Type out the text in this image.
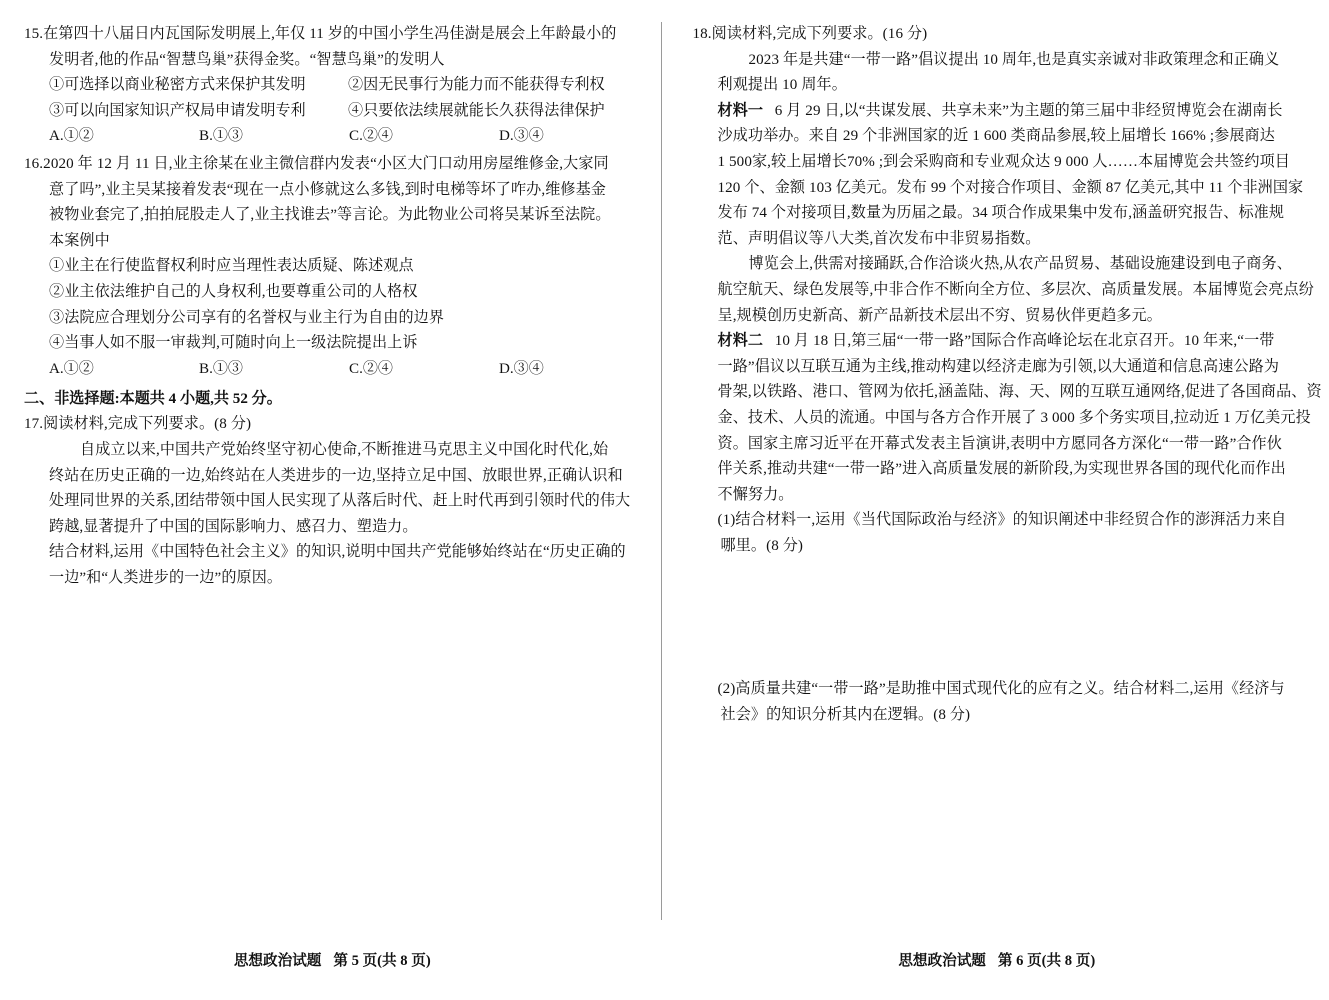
15.在第四十八届日内瓦国际发明展上,年仅 11 岁的中国小学生冯佳澍是展会上年龄最小的
发明者,他的作品“智慧鸟巢”获得金奖。“智慧鸟巢”的发明人
①可选择以商业秘密方式来保护其发明	②因无民事行为能力而不能获得专利权
③可以向国家知识产权局申请发明专利	④只要依法续展就能长久获得法律保护
A.①②	B.①③	C.②④	D.③④
16.2020 年 12 月 11 日,业主徐某在业主微信群内发表“小区大门口动用房屋维修金,大家同
意了吗”,业主吴某接着发表“现在一点小修就这么多钱,到时电梯等坏了咋办,维修基金
被物业套完了,拍拍屁股走人了,业主找谁去”等言论。为此物业公司将吴某诉至法院。
本案例中
①业主在行使监督权利时应当理性表达质疑、陈述观点
②业主依法维护自己的人身权利,也要尊重公司的人格权
③法院应合理划分公司享有的名誉权与业主行为自由的边界
④当事人如不服一审裁判,可随时向上一级法院提出上诉
A.①②	B.①③	C.②④	D.③④
二、非选择题:本题共 4 小题,共 52 分。
17.阅读材料,完成下列要求。(8 分)
自成立以来,中国共产党始终坚守初心使命,不断推进马克思主义中国化时代化,始
终站在历史正确的一边,始终站在人类进步的一边,坚持立足中国、放眼世界,正确认识和
处理同世界的关系,团结带领中国人民实现了从落后时代、赶上时代再到引领时代的伟大
跨越,显著提升了中国的国际影响力、感召力、塑造力。
结合材料,运用《中国特色社会主义》的知识,说明中国共产党能够始终站在“历史正确的
一边”和“人类进步的一边”的原因。
思想政治试题 第 5 页(共 8 页)
18.阅读材料,完成下列要求。(16 分)
2023 年是共建“一带一路”倡议提出 10 周年,也是真实亲诚对非政策理念和正确义
利观提出 10 周年。
材料一 6 月 29 日,以“共谋发展、共享未来”为主题的第三届中非经贸博览会在湖南长
沙成功举办。来自 29 个非洲国家的近 1 600 类商品参展,较上届增长 166% ;参展商达
1 500家,较上届增长70% ;到会采购商和专业观众达 9 000 人……本届博览会共签约项目
120 个、金额 103 亿美元。发布 99 个对接合作项目、金额 87 亿美元,其中 11 个非洲国家
发布 74 个对接项目,数量为历届之最。34 项合作成果集中发布,涵盖研究报告、标准规
范、声明倡议等八大类,首次发布中非贸易指数。
博览会上,供需对接踊跃,合作洽谈火热,从农产品贸易、基础设施建设到电子商务、
航空航天、绿色发展等,中非合作不断向全方位、多层次、高质量发展。本届博览会亮点纷
呈,规模创历史新高、新产品新技术层出不穷、贸易伙伴更趋多元。
材料二 10 月 18 日,第三届“一带一路”国际合作高峰论坛在北京召开。10 年来,“一带
一路”倡议以互联互通为主线,推动构建以经济走廊为引领,以大通道和信息高速公路为
骨架,以铁路、港口、管网为依托,涵盖陆、海、天、网的互联互通网络,促进了各国商品、资
金、技术、人员的流通。中国与各方合作开展了 3 000 多个务实项目,拉动近 1 万亿美元投
资。国家主席习近平在开幕式发表主旨演讲,表明中方愿同各方深化“一带一路”合作伙
伴关系,推动共建“一带一路”进入高质量发展的新阶段,为实现世界各国的现代化而作出
不懈努力。
(1)结合材料一,运用《当代国际政治与经济》的知识阐述中非经贸合作的澎湃活力来自
哪里。(8 分)
(2)高质量共建“一带一路”是助推中国式现代化的应有之义。结合材料二,运用《经济与
社会》的知识分析其内在逻辑。(8 分)
思想政治试题 第 6 页(共 8 页)
